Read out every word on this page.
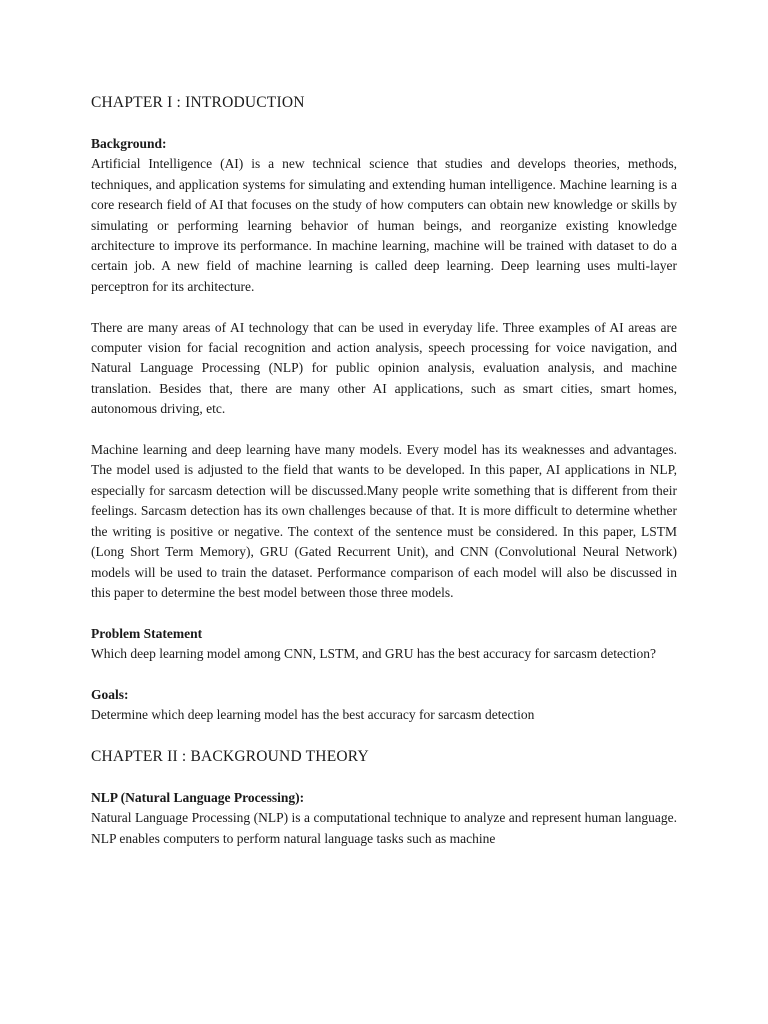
CHAPTER I : INTRODUCTION
Background:

Artificial Intelligence (AI) is a new technical science that studies and develops theories, methods, techniques, and application systems for simulating and extending human intelligence. Machine learning is a core research field of AI that focuses on the study of how computers can obtain new knowledge or skills by simulating or performing learning behavior of human beings, and reorganize existing knowledge architecture to improve its performance. In machine learning, machine will be trained with dataset to do a certain job. A new field of machine learning is called deep learning. Deep learning uses multi-layer perceptron for its architecture.

There are many areas of AI technology that can be used in everyday life. Three examples of AI areas are computer vision for facial recognition and action analysis, speech processing for voice navigation, and Natural Language Processing (NLP) for public opinion analysis, evaluation analysis, and machine translation. Besides that, there are many other AI applications, such as smart cities, smart homes, autonomous driving, etc.

Machine learning and deep learning have many models. Every model has its weaknesses and advantages. The model used is adjusted to the field that wants to be developed. In this paper, AI applications in NLP, especially for sarcasm detection will be discussed.Many people write something that is different from their feelings. Sarcasm detection has its own challenges because of that. It is more difficult to determine whether the writing is positive or negative. The context of the sentence must be considered. In this paper, LSTM (Long Short Term Memory), GRU (Gated Recurrent Unit), and CNN (Convolutional Neural Network) models will be used to train the dataset. Performance comparison of each model will also be discussed in this paper to determine the best model between those three models.

Problem Statement

Which deep learning model among CNN, LSTM, and GRU has the best accuracy for sarcasm detection?

Goals:

Determine which deep learning model has the best accuracy for sarcasm detection

CHAPTER II : BACKGROUND THEORY
NLP (Natural Language Processing):

Natural Language Processing (NLP) is a computational technique to analyze and represent human language. NLP enables computers to perform natural language tasks such as machine
